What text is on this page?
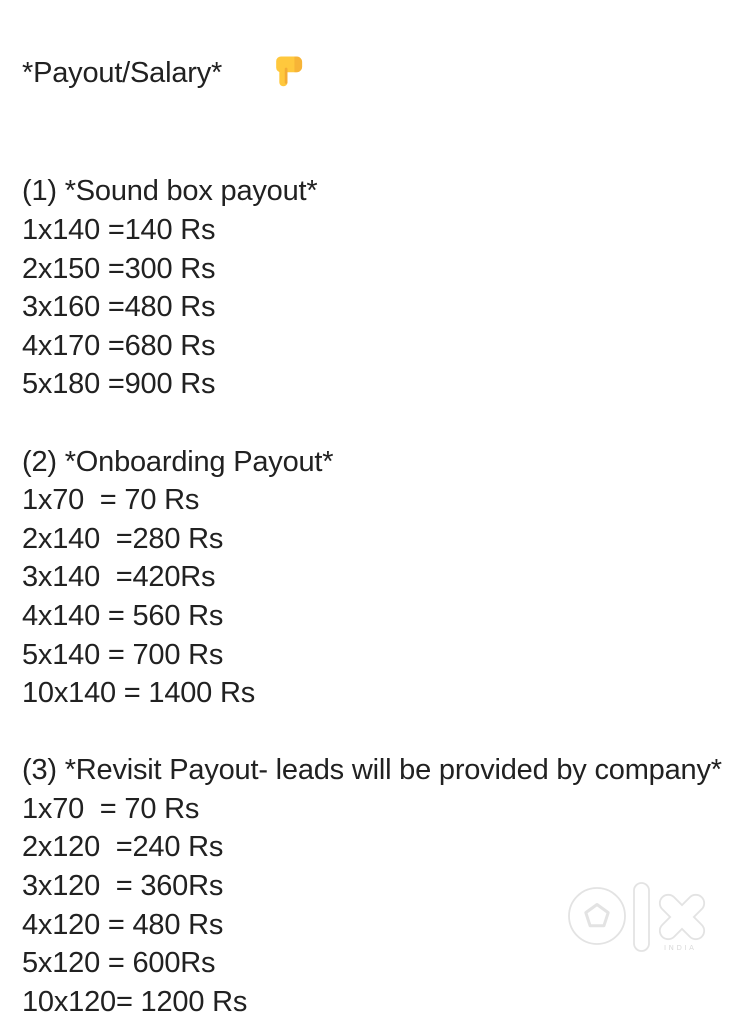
*Payout/Salary*

(1) *Sound box payout*
1x140 =140 Rs
2x150 =300 Rs
3x160 =480 Rs
4x170 =680 Rs
5x180 =900 Rs
(2) *Onboarding Payout*
1x70  = 70 Rs
2x140  =280 Rs
3x140  =420Rs
4x140 = 560 Rs
5x140 = 700 Rs
10x140 = 1400 Rs
(3) *Revisit Payout- leads will be provided by company*
1x70  = 70 Rs
2x120  =240 Rs
3x120  = 360Rs
4x120 = 480 Rs
5x120 = 600Rs
10x120= 1200 Rs
INDIA
